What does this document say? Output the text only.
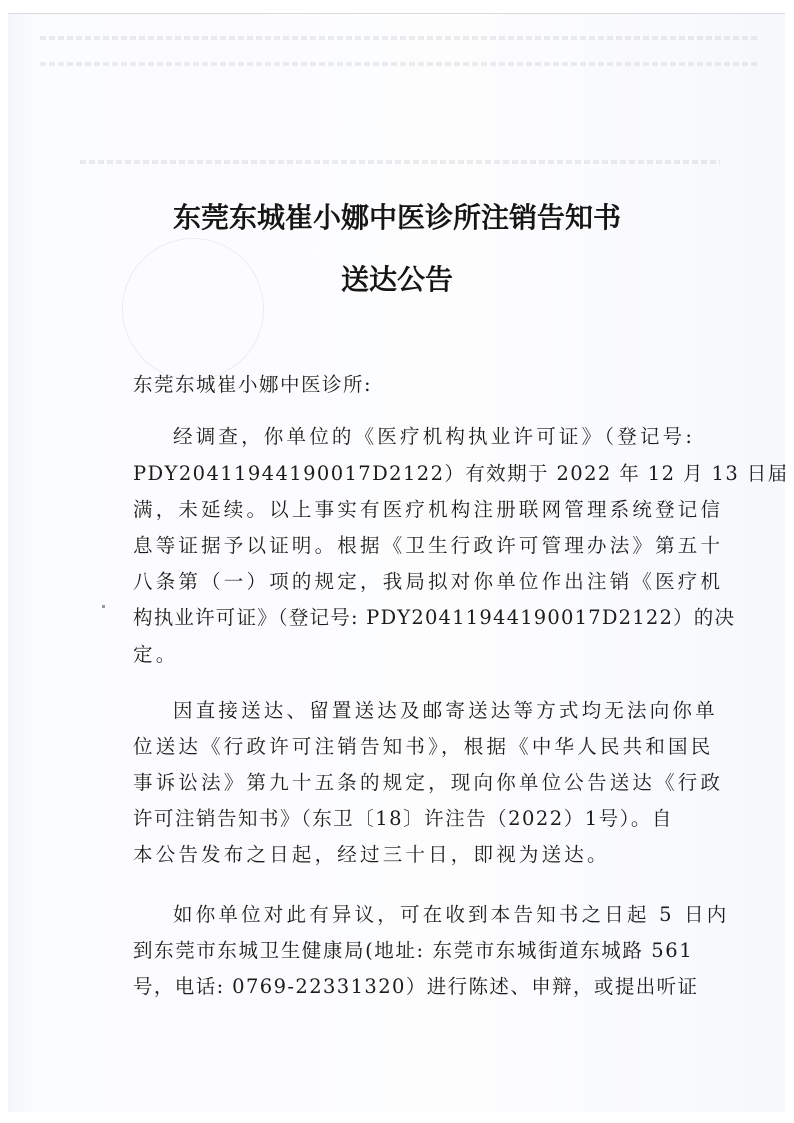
东莞东城崔小娜中医诊所注销告知书
送达公告
东莞东城崔小娜中医诊所:
经调查，你单位的《医疗机构执业许可证》（登记号:
PDY20411944190017D2122）有效期于 2022 年 12 月 13 日届
满，未延续。以上事实有医疗机构注册联网管理系统登记信
息等证据予以证明。根据《卫生行政许可管理办法》第五十
八条第（一）项的规定，我局拟对你单位作出注销《医疗机
构执业许可证》（登记号: PDY20411944190017D2122）的决
定。
因直接送达、留置送达及邮寄送达等方式均无法向你单
位送达《行政许可注销告知书》，根据《中华人民共和国民
事诉讼法》第九十五条的规定，现向你单位公告送达《行政
许可注销告知书》（东卫〔18〕许注告（2022）1号）。自
本公告发布之日起，经过三十日，即视为送达。
如你单位对此有异议，可在收到本告知书之日起 5 日内
到东莞市东城卫生健康局(地址: 东莞市东城街道东城路 561
号，电话: 0769-22331320）进行陈述、申辩，或提出听证
